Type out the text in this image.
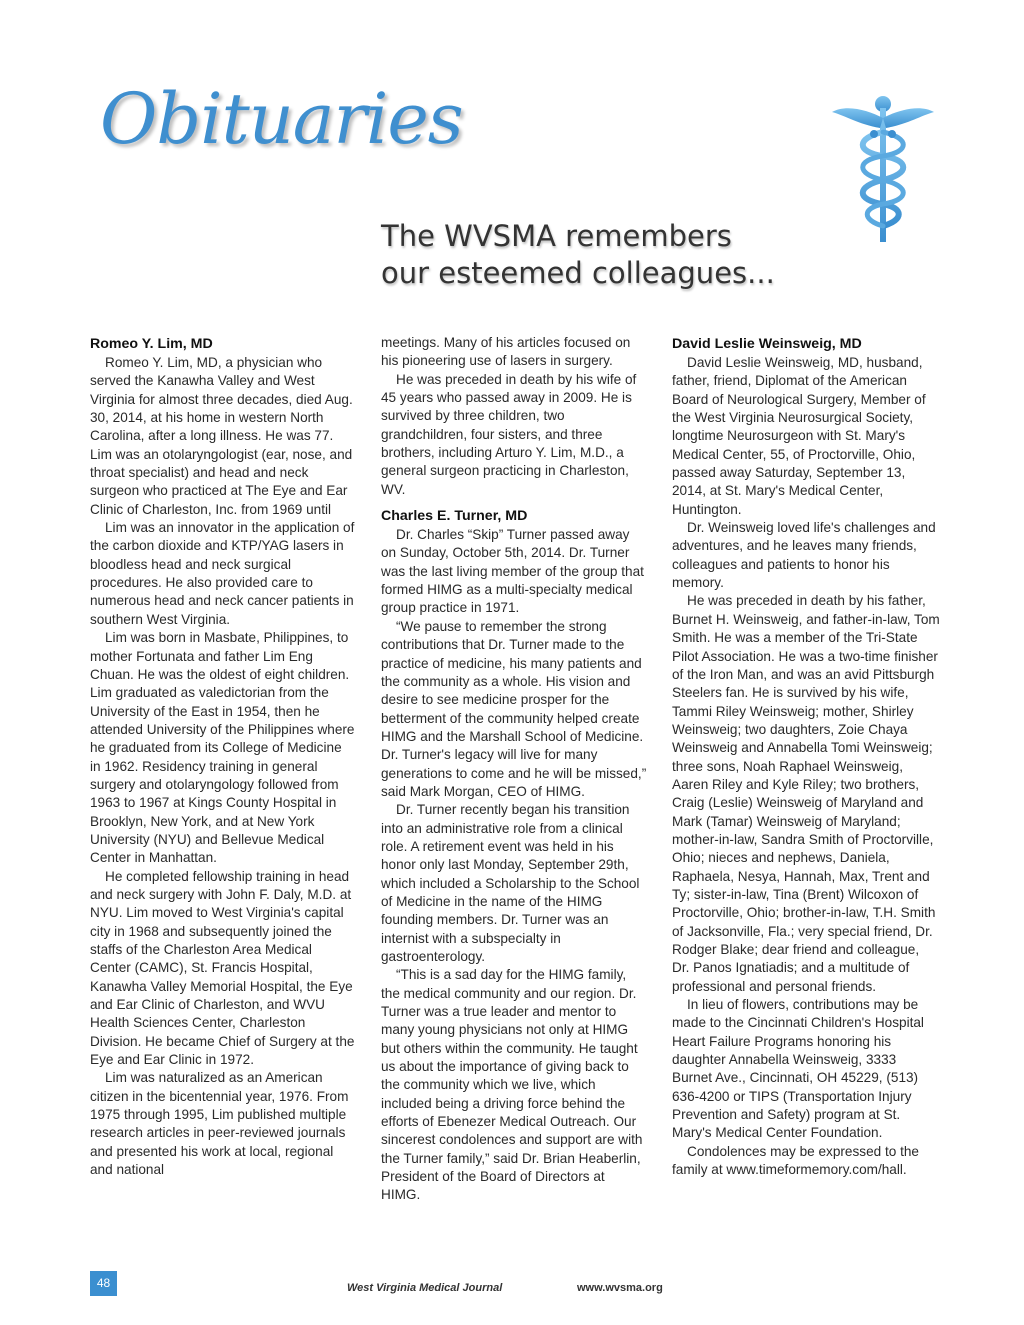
Obituaries
The WVSMA remembers
our esteemed colleagues...
Romeo Y. Lim, MD

Romeo Y. Lim, MD, a physician who served the Kanawha Valley and West Virginia for almost three decades, died Aug. 30, 2014, at his home in western North Carolina, after a long illness. He was 77. Lim was an otolaryngologist (ear, nose, and throat specialist) and head and neck surgeon who practiced at The Eye and Ear Clinic of Charleston, Inc. from 1969 until

Lim was an innovator in the application of the carbon dioxide and KTP/YAG lasers in bloodless head and neck surgical procedures. He also provided care to numerous head and neck cancer patients in southern West Virginia.

Lim was born in Masbate, Philippines, to mother Fortunata and father Lim Eng Chuan. He was the oldest of eight children. Lim graduated as valedictorian from the University of the East in 1954, then he attended University of the Philippines where he graduated from its College of Medicine in 1962. Residency training in general surgery and otolaryngology followed from 1963 to 1967 at Kings County Hospital in Brooklyn, New York, and at New York University (NYU) and Bellevue Medical Center in Manhattan.

He completed fellowship training in head and neck surgery with John F. Daly, M.D. at NYU. Lim moved to West Virginia's capital city in 1968 and subsequently joined the staffs of the Charleston Area Medical Center (CAMC), St. Francis Hospital, Kanawha Valley Memorial Hospital, the Eye and Ear Clinic of Charleston, and WVU Health Sciences Center, Charleston Division. He became Chief of Surgery at the Eye and Ear Clinic in 1972.

Lim was naturalized as an American citizen in the bicentennial year, 1976. From 1975 through 1995, Lim published multiple research articles in peer-reviewed journals and presented his work at local, regional and national

meetings. Many of his articles focused on his pioneering use of lasers in surgery.

He was preceded in death by his wife of 45 years who passed away in 2009. He is survived by three children, two grandchildren, four sisters, and three brothers, including Arturo Y. Lim, M.D., a general surgeon practicing in Charleston, WV.

Charles E. Turner, MD

Dr. Charles “Skip” Turner passed away on Sunday, October 5th, 2014. Dr. Turner was the last living member of the group that formed HIMG as a multi-specialty medical group practice in 1971.

“We pause to remember the strong contributions that Dr. Turner made to the practice of medicine, his many patients and the community as a whole. His vision and desire to see medicine prosper for the betterment of the community helped create HIMG and the Marshall School of Medicine. Dr. Turner's legacy will live for many generations to come and he will be missed,” said Mark Morgan, CEO of HIMG.

Dr. Turner recently began his transition into an administrative role from a clinical role. A retirement event was held in his honor only last Monday, September 29th, which included a Scholarship to the School of Medicine in the name of the HIMG founding members. Dr. Turner was an internist with a subspecialty in gastroenterology.

“This is a sad day for the HIMG family, the medical community and our region. Dr. Turner was a true leader and mentor to many young physicians not only at HIMG but others within the community. He taught us about the importance of giving back to the community which we live, which included being a driving force behind the efforts of Ebenezer Medical Outreach. Our sincerest condolences and support are with the Turner family,” said Dr. Brian Heaberlin, President of the Board of Directors at HIMG.

David Leslie Weinsweig, MD

David Leslie Weinsweig, MD, husband, father, friend, Diplomat of the American Board of Neurological Surgery, Member of the West Virginia Neurosurgical Society, longtime Neurosurgeon with St. Mary's Medical Center, 55, of Proctorville, Ohio, passed away Saturday, September 13, 2014, at St. Mary's Medical Center, Huntington.

Dr. Weinsweig loved life's challenges and adventures, and he leaves many friends, colleagues and patients to honor his memory.

He was preceded in death by his father, Burnet H. Weinsweig, and father-in-law, Tom Smith. He was a member of the Tri-State Pilot Association. He was a two-time finisher of the Iron Man, and was an avid Pittsburgh Steelers fan. He is survived by his wife, Tammi Riley Weinsweig; mother, Shirley Weinsweig; two daughters, Zoie Chaya Weinsweig and Annabella Tomi Weinsweig; three sons, Noah Raphael Weinsweig, Aaren Riley and Kyle Riley; two brothers, Craig (Leslie) Weinsweig of Maryland and Mark (Tamar) Weinsweig of Maryland; mother-in-law, Sandra Smith of Proctorville, Ohio; nieces and nephews, Daniela, Raphaela, Nesya, Hannah, Max, Trent and Ty; sister-in-law, Tina (Brent) Wilcoxon of Proctorville, Ohio; brother-in-law, T.H. Smith of Jacksonville, Fla.; very special friend, Dr. Rodger Blake; dear friend and colleague, Dr. Panos Ignatiadis; and a multitude of professional and personal friends.

In lieu of flowers, contributions may be made to the Cincinnati Children's Hospital Heart Failure Programs honoring his daughter Annabella Weinsweig, 3333 Burnet Ave., Cincinnati, OH 45229, (513) 636-4200 or TIPS (Transportation Injury Prevention and Safety) program at St. Mary's Medical Center Foundation.

Condolences may be expressed to the family at www.timeformemory.com/hall.

48	West Virginia Medical Journal	www.wvsma.org
